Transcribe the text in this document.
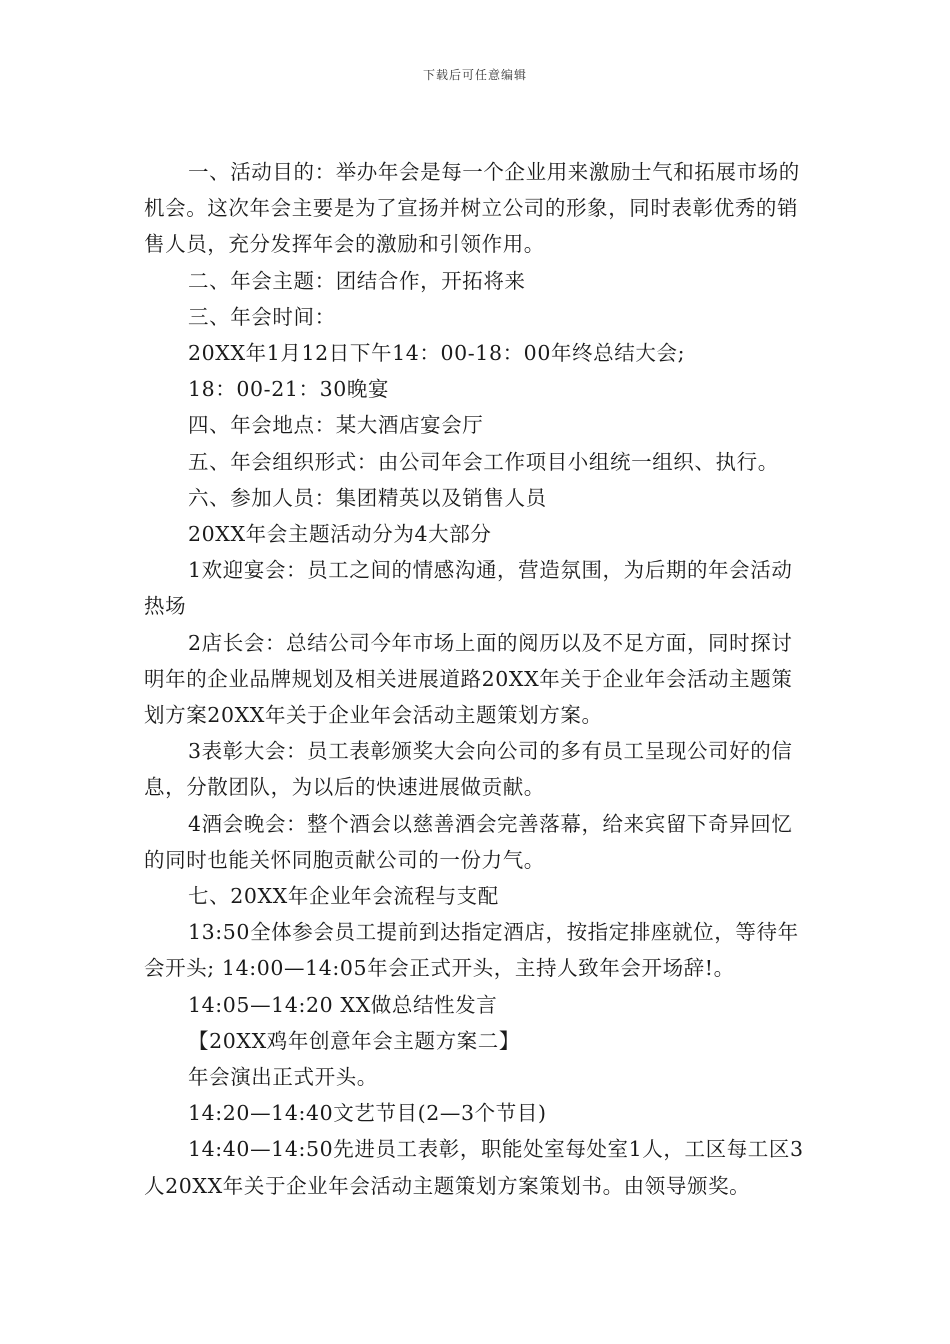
下载后可任意编辑

一、活动目的：举办年会是每一个企业用来激励士气和拓展市场的机会。这次年会主要是为了宣扬并树立公司的形象，同时表彰优秀的销售人员，充分发挥年会的激励和引领作用。

二、年会主题：团结合作，开拓将来

三、年会时间：

20XX年1月12日下午14：00-18：00年终总结大会;

18：00-21：30晚宴

四、年会地点：某大酒店宴会厅

五、年会组织形式：由公司年会工作项目小组统一组织、执行。

六、参加人员：集团精英以及销售人员

20XX年会主题活动分为4大部分

1欢迎宴会：员工之间的情感沟通，营造氛围，为后期的年会活动热场

2店长会：总结公司今年市场上面的阅历以及不足方面，同时探讨明年的企业品牌规划及相关进展道路20XX年关于企业年会活动主题策划方案20XX年关于企业年会活动主题策划方案。

3表彰大会：员工表彰颁奖大会向公司的多有员工呈现公司好的信息，分散团队，为以后的快速进展做贡献。

4酒会晚会：整个酒会以慈善酒会完善落幕，给来宾留下奇异回忆的同时也能关怀同胞贡献公司的一份力气。

七、20XX年企业年会流程与支配

13:50全体参会员工提前到达指定酒店，按指定排座就位，等待年会开头; 14:00—14:05年会正式开头，主持人致年会开场辞!。

14:05—14:20 XX做总结性发言

【20XX鸡年创意年会主题方案二】

年会演出正式开头。

14:20—14:40文艺节目(2—3个节目)

14:40—14:50先进员工表彰，职能处室每处室1人，工区每工区3人20XX年关于企业年会活动主题策划方案策划书。由领导颁奖。
